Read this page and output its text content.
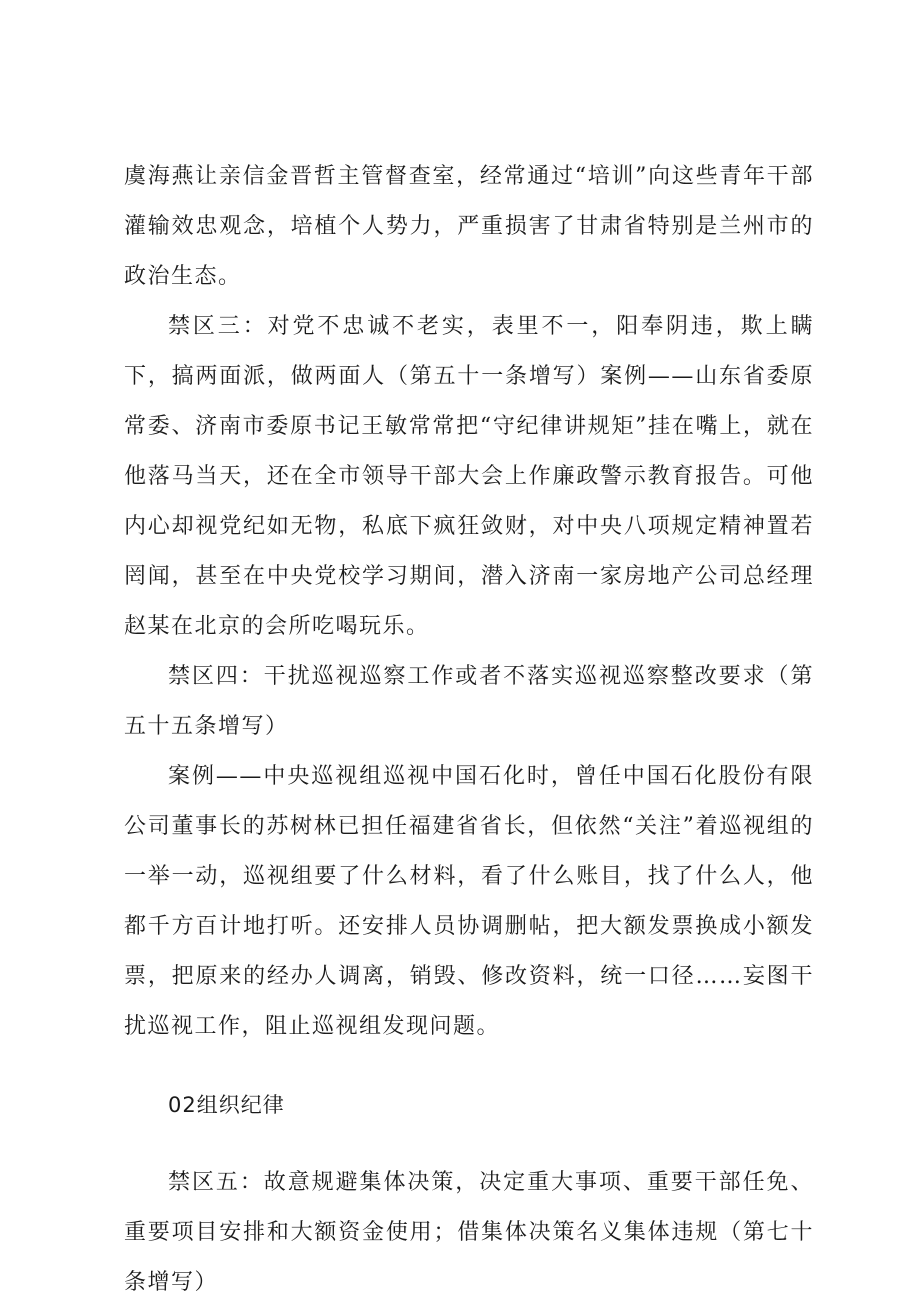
虞海燕让亲信金晋哲主管督查室，经常通过“培训”向这些青年干部灌输效忠观念，培植个人势力，严重损害了甘肃省特别是兰州市的政治生态。

禁区三：对党不忠诚不老实，表里不一，阳奉阴违，欺上瞒下，搞两面派，做两面人（第五十一条增写）案例——山东省委原常委、济南市委原书记王敏常常把“守纪律讲规矩”挂在嘴上，就在他落马当天，还在全市领导干部大会上作廉政警示教育报告。可他内心却视党纪如无物，私底下疯狂敛财，对中央八项规定精神置若罔闻，甚至在中央党校学习期间，潜入济南一家房地产公司总经理赵某在北京的会所吃喝玩乐。

禁区四：干扰巡视巡察工作或者不落实巡视巡察整改要求（第五十五条增写）

案例——中央巡视组巡视中国石化时，曾任中国石化股份有限公司董事长的苏树林已担任福建省省长，但依然“关注”着巡视组的一举一动，巡视组要了什么材料，看了什么账目，找了什么人，他都千方百计地打听。还安排人员协调删帖，把大额发票换成小额发票，把原来的经办人调离，销毁、修改资料，统一口径……妄图干扰巡视工作，阻止巡视组发现问题。

02组织纪律

禁区五：故意规避集体决策，决定重大事项、重要干部任免、重要项目安排和大额资金使用；借集体决策名义集体违规（第七十条增写）
